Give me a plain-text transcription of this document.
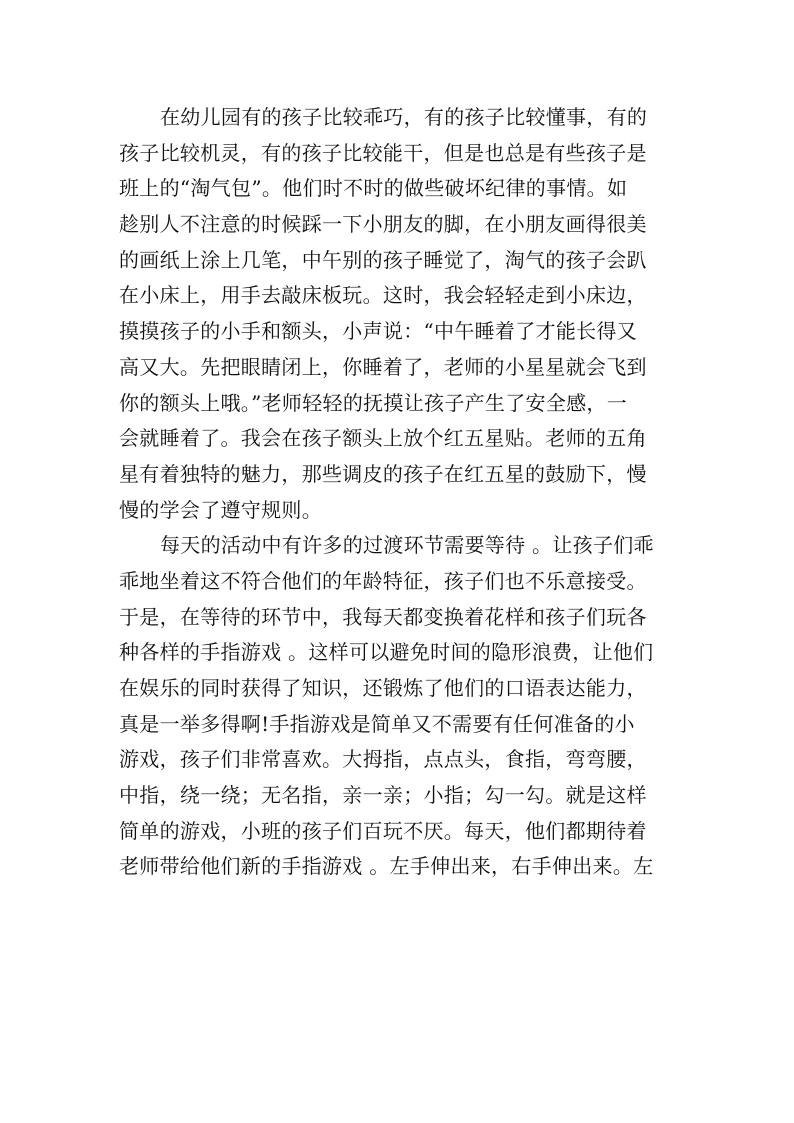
在幼儿园有的孩子比较乖巧，有的孩子比较懂事，有的
孩子比较机灵，有的孩子比较能干，但是也总是有些孩子是
班上的“淘气包”。他们时不时的做些破坏纪律的事情。如
趁别人不注意的时候踩一下小朋友的脚，在小朋友画得很美
的画纸上涂上几笔，中午别的孩子睡觉了，淘气的孩子会趴
在小床上，用手去敲床板玩。这时，我会轻轻走到小床边，
摸摸孩子的小手和额头，小声说：“中午睡着了才能长得又
高又大。先把眼睛闭上，你睡着了，老师的小星星就会飞到
你的额头上哦。”老师轻轻的抚摸让孩子产生了安全感，一
会就睡着了。我会在孩子额头上放个红五星贴。老师的五角
星有着独特的魅力，那些调皮的孩子在红五星的鼓励下，慢
慢的学会了遵守规则。
每天的活动中有许多的过渡环节需要等待 。让孩子们乖
乖地坐着这不符合他们的年龄特征，孩子们也不乐意接受。
于是，在等待的环节中，我每天都变换着花样和孩子们玩各
种各样的手指游戏 。这样可以避免时间的隐形浪费，让他们
在娱乐的同时获得了知识，还锻炼了他们的口语表达能力，
真是一举多得啊!手指游戏是简单又不需要有任何准备的小
游戏，孩子们非常喜欢。大拇指，点点头，食指，弯弯腰，
中指，绕一绕；无名指，亲一亲；小指；勾一勾。就是这样
简单的游戏，小班的孩子们百玩不厌。每天，他们都期待着
老师带给他们新的手指游戏 。左手伸出来，右手伸出来。左
